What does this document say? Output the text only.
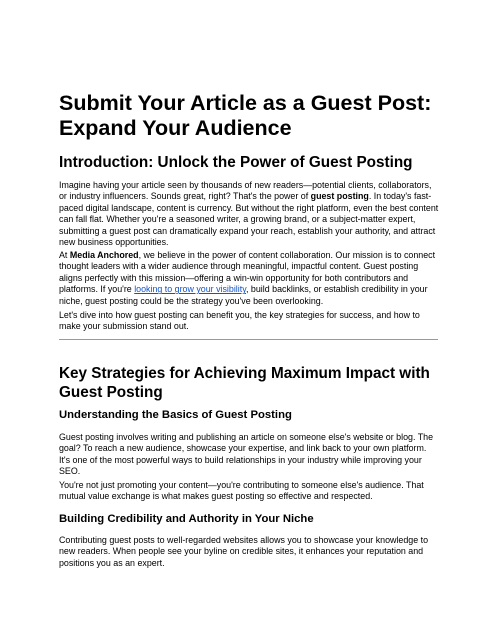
Submit Your Article as a Guest Post: Expand Your Audience
Introduction: Unlock the Power of Guest Posting

Imagine having your article seen by thousands of new readers—potential clients, collaborators, or industry influencers. Sounds great, right? That's the power of guest posting. In today's fast-paced digital landscape, content is currency. But without the right platform, even the best content can fall flat. Whether you're a seasoned writer, a growing brand, or a subject-matter expert, submitting a guest post can dramatically expand your reach, establish your authority, and attract new business opportunities.

At Media Anchored, we believe in the power of content collaboration. Our mission is to connect thought leaders with a wider audience through meaningful, impactful content. Guest posting aligns perfectly with this mission—offering a win-win opportunity for both contributors and platforms. If you're looking to grow your visibility, build backlinks, or establish credibility in your niche, guest posting could be the strategy you've been overlooking.

Let's dive into how guest posting can benefit you, the key strategies for success, and how to make your submission stand out.

Key Strategies for Achieving Maximum Impact with Guest Posting
Understanding the Basics of Guest Posting

Guest posting involves writing and publishing an article on someone else's website or blog. The goal? To reach a new audience, showcase your expertise, and link back to your own platform. It's one of the most powerful ways to build relationships in your industry while improving your SEO.

You're not just promoting your content—you're contributing to someone else's audience. That mutual value exchange is what makes guest posting so effective and respected.

Building Credibility and Authority in Your Niche

Contributing guest posts to well-regarded websites allows you to showcase your knowledge to new readers. When people see your byline on credible sites, it enhances your reputation and positions you as an expert.
